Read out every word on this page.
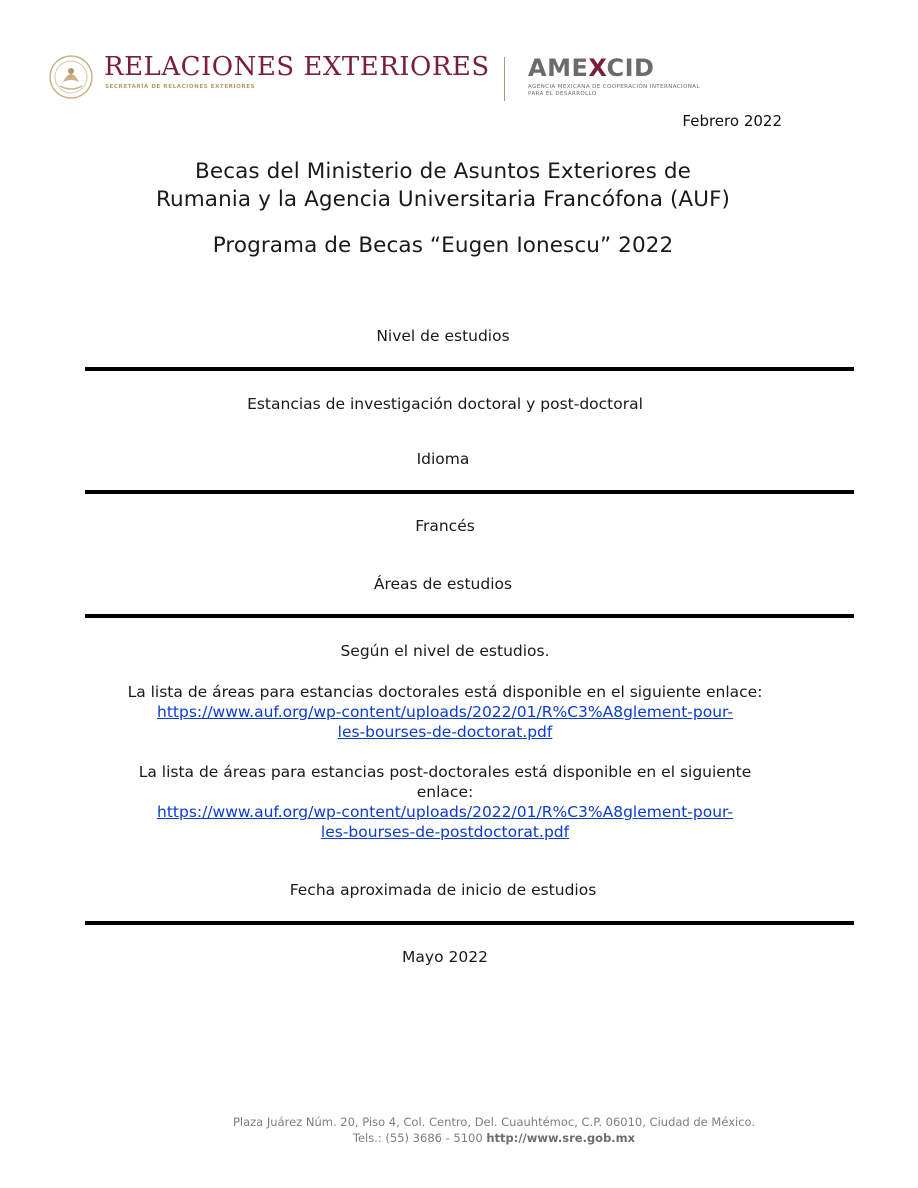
RELACIONES EXTERIORES
SECRETARÍA DE RELACIONES EXTERIORES
AMEXCID
AGENCIA MEXICANA DE COOPERACIÓN INTERNACIONAL PARA EL DESARROLLO
Febrero 2022
Becas del Ministerio de Asuntos Exteriores de
Rumania y la Agencia Universitaria Francófona (AUF)
Programa de Becas “Eugen Ionescu” 2022
Nivel de estudios
Estancias de investigación doctoral y post-doctoral
Idioma
Francés
Áreas de estudios
Según el nivel de estudios.
La lista de áreas para estancias doctorales está disponible en el siguiente enlace:
https://www.auf.org/wp-content/uploads/2022/01/R%C3%A8glement-pour-
les-bourses-de-doctorat.pdf
La lista de áreas para estancias post-doctorales está disponible en el siguiente
enlace:
https://www.auf.org/wp-content/uploads/2022/01/R%C3%A8glement-pour-
les-bourses-de-postdoctorat.pdf
Fecha aproximada de inicio de estudios
Mayo 2022
Plaza Juárez Núm. 20, Piso 4, Col. Centro, Del. Cuauhtémoc, C.P. 06010, Ciudad de México.
Tels.: (55) 3686 - 5100 http://www.sre.gob.mx
